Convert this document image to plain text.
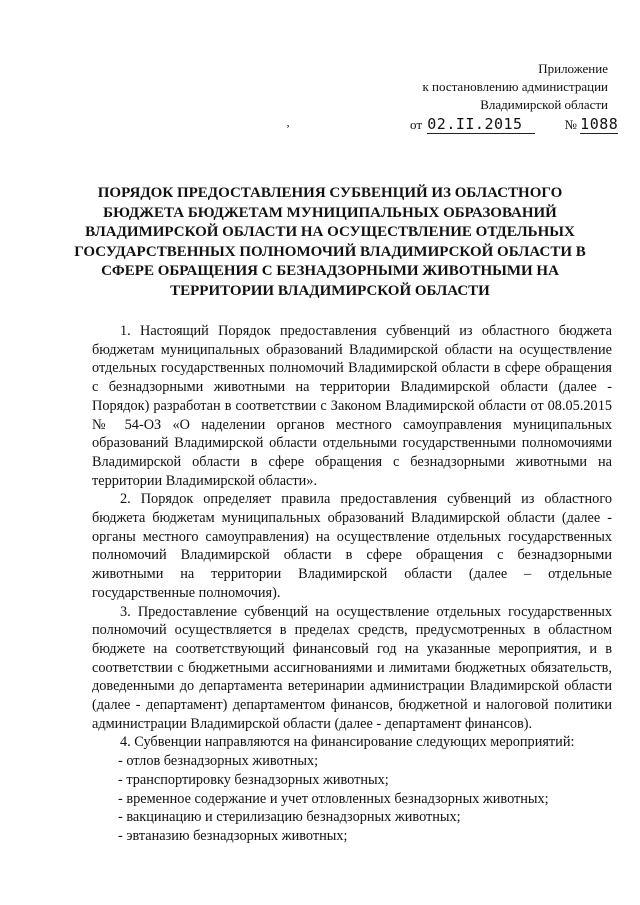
Приложение
к постановлению администрации
Владимирской области
ʼ	от 02.II.2015	№ 1088
ПОРЯДОК ПРЕДОСТАВЛЕНИЯ СУБВЕНЦИЙ ИЗ ОБЛАСТНОГО
БЮДЖЕТА БЮДЖЕТАМ МУНИЦИПАЛЬНЫХ ОБРАЗОВАНИЙ
ВЛАДИМИРСКОЙ ОБЛАСТИ НА ОСУЩЕСТВЛЕНИЕ ОТДЕЛЬНЫХ
ГОСУДАРСТВЕННЫХ ПОЛНОМОЧИЙ ВЛАДИМИРСКОЙ ОБЛАСТИ В
СФЕРЕ ОБРАЩЕНИЯ С БЕЗНАДЗОРНЫМИ ЖИВОТНЫМИ НА
ТЕРРИТОРИИ ВЛАДИМИРСКОЙ ОБЛАСТИ

1. Настоящий Порядок предоставления субвенций из областного бюджета бюджетам муниципальных образований Владимирской области на осуществление отдельных государственных полномочий Владимирской области в сфере обращения с безнадзорными животными на территории Владимирской области (далее - Порядок) разработан в соответствии с Законом Владимирской области от 08.05.2015 № 54-ОЗ «О наделении органов местного самоуправления муниципальных образований Владимирской области отдельными государственными полномочиями Владимирской области в сфере обращения с безнадзорными животными на территории Владимирской области».

2. Порядок определяет правила предоставления субвенций из областного бюджета бюджетам муниципальных образований Владимирской области (далее - органы местного самоуправления) на осуществление отдельных государственных полномочий Владимирской области в сфере обращения с безнадзорными животными на территории Владимирской области (далее – отдельные государственные полномочия).

3. Предоставление субвенций на осуществление отдельных государственных полномочий осуществляется в пределах средств, предусмотренных в областном бюджете на соответствующий финансовый год на указанные мероприятия, и в соответствии с бюджетными ассигнованиями и лимитами бюджетных обязательств, доведенными до департамента ветеринарии администрации Владимирской области (далее - департамент) департаментом финансов, бюджетной и налоговой политики администрации Владимирской области (далее - департамент финансов).

4. Субвенции направляются на финансирование следующих мероприятий:

- отлов безнадзорных животных;

- транспортировку безнадзорных животных;

- временное содержание и учет отловленных безнадзорных животных;

- вакцинацию и стерилизацию безнадзорных животных;

- эвтаназию безнадзорных животных;
